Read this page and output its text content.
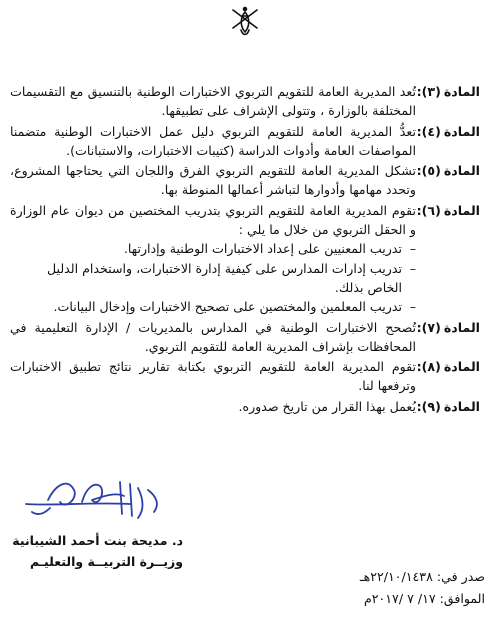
المادة(٣):
تُعد المديرية العامة للتقويم التربوي الاختبارات الوطنية بالتنسيق مع التقسيمات المختلفة بالوزارة ، وتتولى الإشراف على تطبيقها.
المادة(٤):
تعدُّ المديرية العامة للتقويم التربوي دليل عمل الاختبارات الوطنية متضمنا المواصفات العامة وأدوات الدراسة (كتيبات الاختبارات، والاستبانات).
المادة(٥):
تشكل المديرية العامة للتقويم التربوي الفرق واللجان التي يحتاجها المشروع، وتحدد مهامها وأدوارها لتباشر أعمالها المنوطة بها.
المادة(٦):
تقوم المديرية العامة للتقويم التربوي بتدريب المختصين من ديوان عام الوزارة و الحقل التربوي من خلال ما يلي :
– تدريب المعنيين على إعداد الاختبارات الوطنية وإدارتها.
– تدريب إدارات المدارس على كيفية إدارة الاختبارات، واستخدام الدليل الخاص بذلك.
– تدريب المعلمين والمختصين على تصحيح الاختبارات وإدخال البيانات.
المادة(٧):
تُصحح الاختبارات الوطنية في المدارس بالمديريات / الإدارة التعليمية في المحافظات بإشراف المديرية العامة للتقويم التربوي.
المادة(٨):
تقوم المديرية العامة للتقويم التربوي بكتابة تقارير نتائج تطبيق الاختبارات وترفعها لنا.
المادة(٩):
يُعمل بهذا القرار من تاريخ صدوره.
د. مديحة بنت أحمد الشيبانية
وزيــرة التربيــة والتعليـم
صدر في:٢٢/١٠/١٤٣٨هـ
الموافق:١٧/ ٧ /٢٠١٧م
